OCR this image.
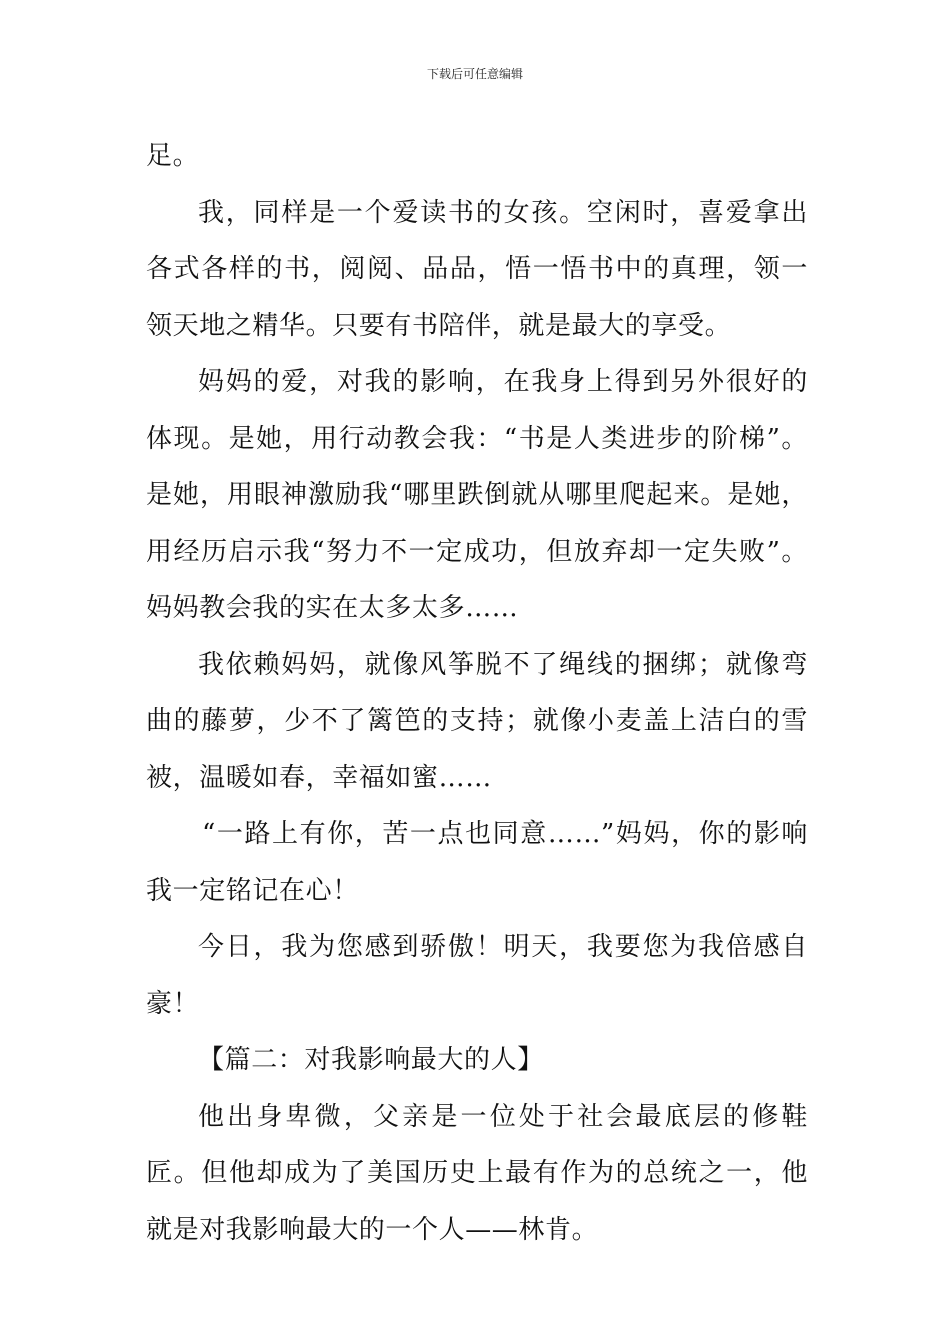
下载后可任意编辑

足。

我，同样是一个爱读书的女孩。空闲时，喜爱拿出各式各样的书，阅阅、品品，悟一悟书中的真理，领一领天地之精华。只要有书陪伴，就是最大的享受。

妈妈的爱，对我的影响，在我身上得到另外很好的体现。是她，用行动教会我：“书是人类进步的阶梯”。是她，用眼神激励我“哪里跌倒就从哪里爬起来。是她，用经历启示我“努力不一定成功，但放弃却一定失败”。妈妈教会我的实在太多太多……

我依赖妈妈，就像风筝脱不了绳线的捆绑；就像弯曲的藤萝，少不了篱笆的支持；就像小麦盖上洁白的雪被，温暖如春，幸福如蜜……

“一路上有你，苦一点也同意……”妈妈，你的影响我一定铭记在心！

今日，我为您感到骄傲！明天，我要您为我倍感自豪！

【篇二：对我影响最大的人】

他出身卑微，父亲是一位处于社会最底层的修鞋匠。但他却成为了美国历史上最有作为的总统之一，他就是对我影响最大的一个人——林肯。
